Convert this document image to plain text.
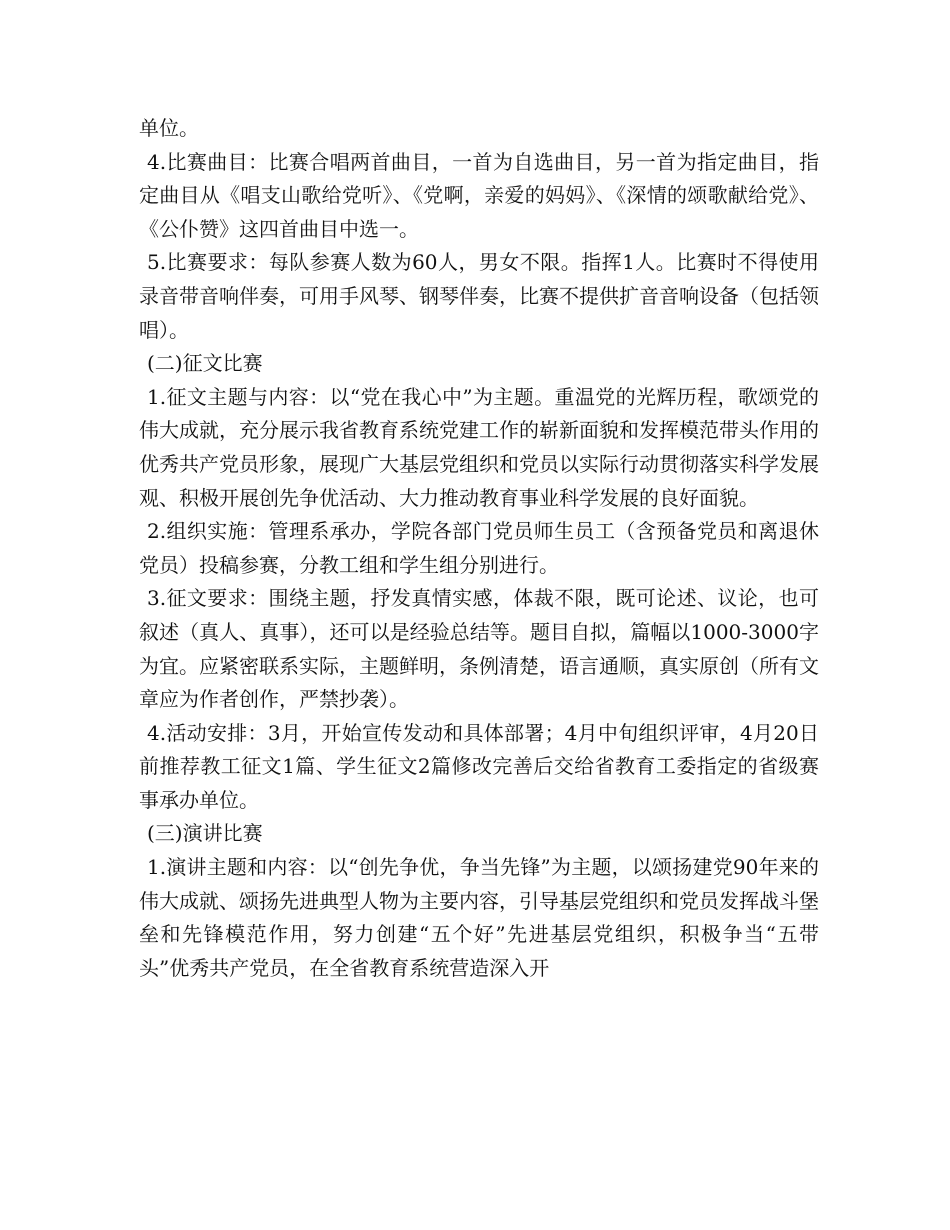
单位。

4.比赛曲目：比赛合唱两首曲目，一首为自选曲目，另一首为指定曲目，指定曲目从《唱支山歌给党听》、《党啊，亲爱的妈妈》、《深情的颂歌献给党》、《公仆赞》这四首曲目中选一。

5.比赛要求：每队参赛人数为60人，男女不限。指挥1人。比赛时不得使用录音带音响伴奏，可用手风琴、钢琴伴奏，比赛不提供扩音音响设备（包括领唱）。

(二)征文比赛

1.征文主题与内容：以“党在我心中”为主题。重温党的光辉历程，歌颂党的伟大成就，充分展示我省教育系统党建工作的崭新面貌和发挥模范带头作用的优秀共产党员形象，展现广大基层党组织和党员以实际行动贯彻落实科学发展观、积极开展创先争优活动、大力推动教育事业科学发展的良好面貌。

2.组织实施：管理系承办，学院各部门党员师生员工（含预备党员和离退休党员）投稿参赛，分教工组和学生组分别进行。

3.征文要求：围绕主题，抒发真情实感，体裁不限，既可论述、议论，也可叙述（真人、真事），还可以是经验总结等。题目自拟，篇幅以1000-3000字为宜。应紧密联系实际，主题鲜明，条例清楚，语言通顺，真实原创（所有文章应为作者创作，严禁抄袭）。

4.活动安排：3月，开始宣传发动和具体部署；4月中旬组织评审，4月20日前推荐教工征文1篇、学生征文2篇修改完善后交给省教育工委指定的省级赛事承办单位。

(三)演讲比赛

1.演讲主题和内容：以“创先争优，争当先锋”为主题，以颂扬建党90年来的伟大成就、颂扬先进典型人物为主要内容，引导基层党组织和党员发挥战斗堡垒和先锋模范作用，努力创建“五个好”先进基层党组织，积极争当“五带头”优秀共产党员，在全省教育系统营造深入开
